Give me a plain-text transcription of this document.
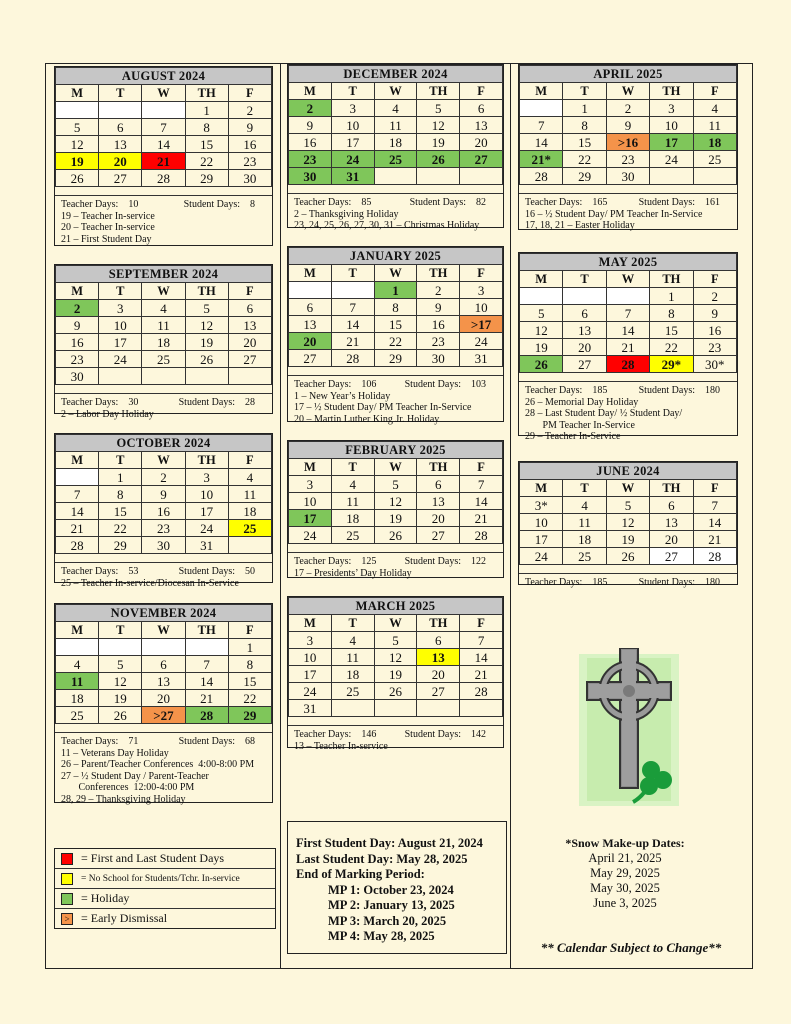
AUGUST 2024				
M	T	W	TH	F
			1	2
5	6	7	8	9
12	13	14	15	16
19	20	21	22	23
26	27	28	29	30
Teacher Days: 10	Student Days: 8
19 – Teacher In-service
20 – Teacher In-service
21 – First Student Day
SEPTEMBER 2024				
M	T	W	TH	F
2	3	4	5	6
9	10	11	12	13
16	17	18	19	20
23	24	25	26	27
30				
Teacher Days: 30	Student Days: 28
2 – Labor Day Holiday
OCTOBER 2024				
M	T	W	TH	F
	1	2	3	4
7	8	9	10	11
14	15	16	17	18
21	22	23	24	25
28	29	30	31	
Teacher Days: 53	Student Days: 50
25 – Teacher In-service/Diocesan In-Service
NOVEMBER 2024				
M	T	W	TH	F
				1
4	5	6	7	8
11	12	13	14	15
18	19	20	21	22
25	26	>27	28	29
Teacher Days: 71	Student Days: 68
11 – Veterans Day Holiday
26 – Parent/Teacher Conferences  4:00-8:00 PM
27 – ½ Student Day / Parent-Teacher
Conferences  12:00-4:00 PM
28, 29 – Thanksgiving Holiday
DECEMBER 2024				
M	T	W	TH	F
2	3	4	5	6
9	10	11	12	13
16	17	18	19	20
23	24	25	26	27
30	31			
Teacher Days: 85	Student Days: 82
2 – Thanksgiving Holiday
23, 24, 25, 26, 27, 30, 31 – Christmas Holiday
JANUARY 2025				
M	T	W	TH	F
		1	2	3
6	7	8	9	10
13	14	15	16	>17
20	21	22	23	24
27	28	29	30	31
Teacher Days: 106	Student Days: 103
1 – New Year’s Holiday
17 – ½ Student Day/ PM Teacher In-Service
20 – Martin Luther King Jr. Holiday
FEBRUARY 2025				
M	T	W	TH	F
3	4	5	6	7
10	11	12	13	14
17	18	19	20	21
24	25	26	27	28
Teacher Days: 125	Student Days: 122
17 – Presidents’ Day Holiday
MARCH 2025				
M	T	W	TH	F
3	4	5	6	7
10	11	12	13	14
17	18	19	20	21
24	25	26	27	28
31				
Teacher Days: 146	Student Days: 142
13 – Teacher In-service
APRIL 2025				
M	T	W	TH	F
	1	2	3	4
7	8	9	10	11
14	15	>16	17	18
21*	22	23	24	25
28	29	30		
Teacher Days: 165	Student Days: 161
16 – ½ Student Day/ PM Teacher In-Service
17, 18, 21 – Easter Holiday
MAY 2025				
M	T	W	TH	F
			1	2
5	6	7	8	9
12	13	14	15	16
19	20	21	22	23
26	27	28	29*	30*
Teacher Days: 185	Student Days: 180
26 – Memorial Day Holiday
28 – Last Student Day/ ½ Student Day/
PM Teacher In-Service
29 – Teacher In-Service
JUNE 2024				
M	T	W	TH	F
3*	4	5	6	7
10	11	12	13	14
17	18	19	20	21
24	25	26	27	28
Teacher Days: 185	Student Days: 180
= First and Last Student Days
= No School for Students/Tchr. In-service
= Holiday
> = Early Dismissal
First Student Day: August 21, 2024
Last Student Day: May 28, 2025
End of Marking Period:
MP 1: October 23, 2024
MP 2: January 13, 2025
MP 3: March 20, 2025
MP 4: May 28, 2025
*Snow Make-up Dates:
April 21, 2025
May 29, 2025
May 30, 2025
June 3, 2025
** Calendar Subject to Change**
